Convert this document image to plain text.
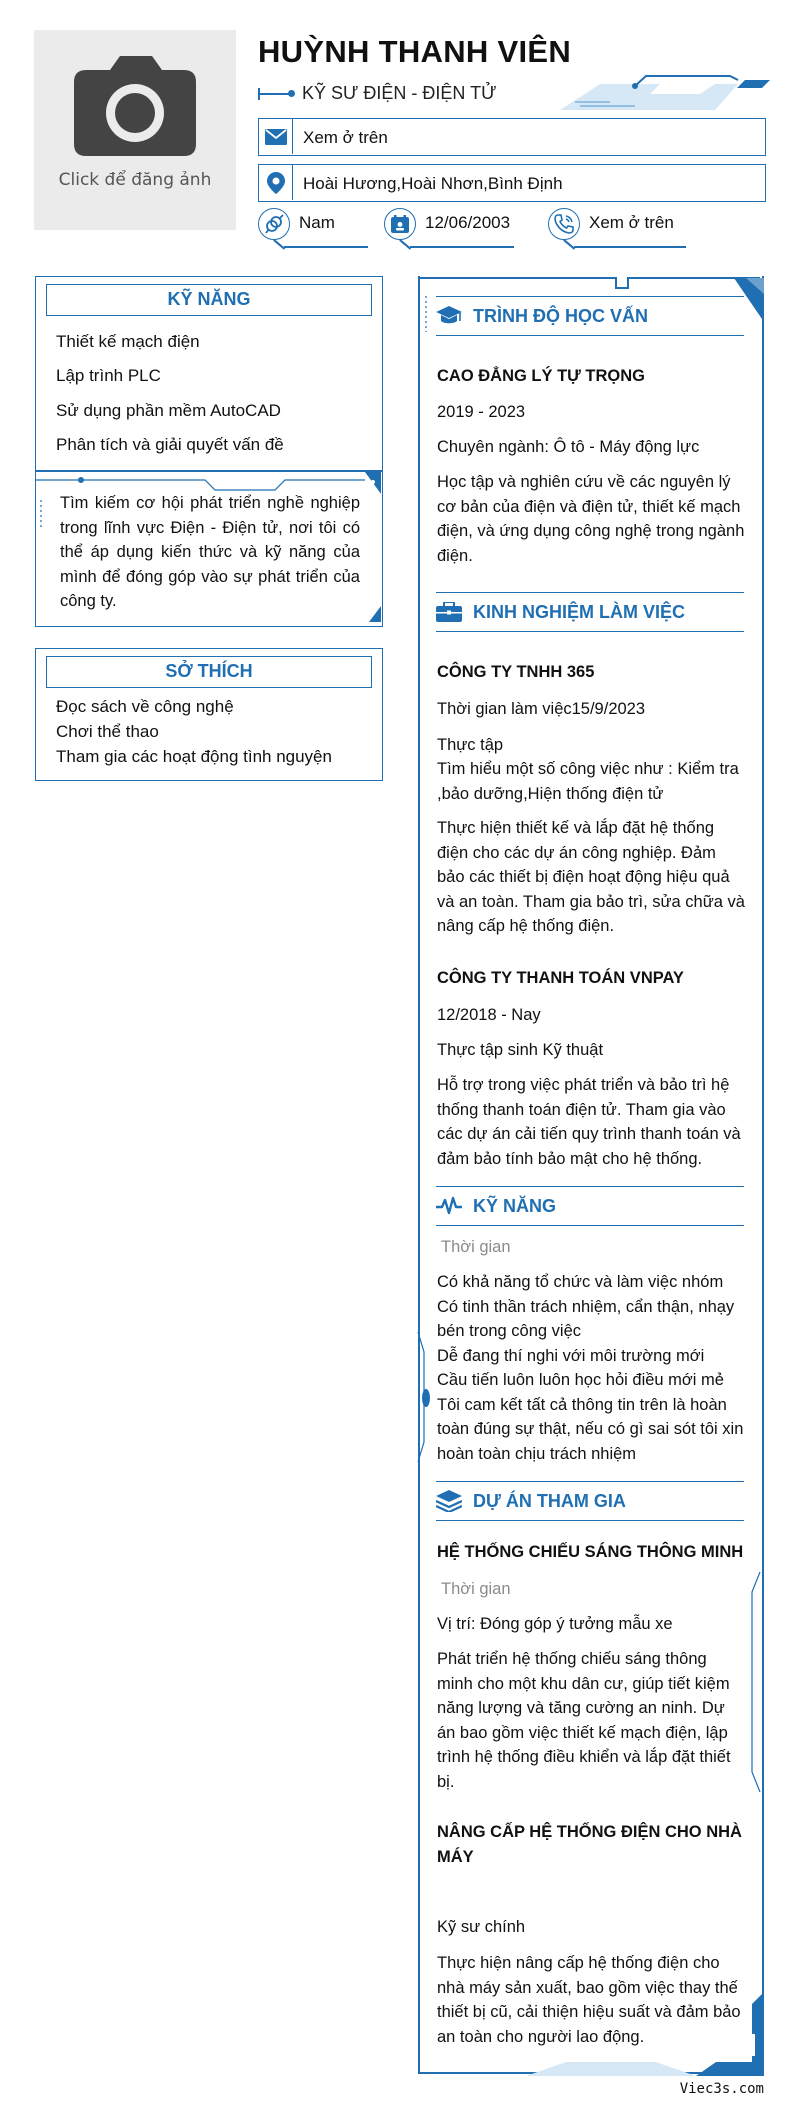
Click để đăng ảnh
HUỲNH THANH VIÊN
KỸ SƯ ĐIỆN - ĐIỆN TỬ
Xem ở trên
Hoài Hương,Hoài Nhơn,Bình Định
Nam	12/06/2003	Xem ở trên
KỸ NĂNG
Thiết kế mạch điện
Lập trình PLC
Sử dụng phần mềm AutoCAD
Phân tích và giải quyết vấn đề
Tìm kiếm cơ hội phát triển nghề nghiệp trong lĩnh vực Điện - Điện tử, nơi tôi có thể áp dụng kiến thức và kỹ năng của mình để đóng góp vào sự phát triển của công ty.
SỞ THÍCH
Đọc sách về công nghệ
Chơi thể thao
Tham gia các hoạt động tình nguyện
TRÌNH ĐỘ HỌC VẤN
CAO ĐẲNG LÝ TỰ TRỌNG
2019 - 2023
Chuyên ngành: Ô tô - Máy động lực
Học tập và nghiên cứu về các nguyên lý cơ bản của điện và điện tử, thiết kế mạch điện, và ứng dụng công nghệ trong ngành điện.
KINH NGHIỆM LÀM VIỆC
CÔNG TY TNHH 365
Thời gian làm việc15/9/2023
Thực tập
Tìm hiểu một số công việc như : Kiểm tra ,bảo dưỡng,Hiện thống điện tử
Thực hiện thiết kế và lắp đặt hệ thống điện cho các dự án công nghiệp. Đảm bảo các thiết bị điện hoạt động hiệu quả và an toàn. Tham gia bảo trì, sửa chữa và nâng cấp hệ thống điện.
CÔNG TY THANH TOÁN VNPAY
12/2018 - Nay
Thực tập sinh Kỹ thuật
Hỗ trợ trong việc phát triển và bảo trì hệ thống thanh toán điện tử. Tham gia vào các dự án cải tiến quy trình thanh toán và đảm bảo tính bảo mật cho hệ thống.
KỸ NĂNG
Thời gian
Có khả năng tổ chức và làm việc nhóm
Có tinh thần trách nhiệm, cẩn thận, nhạy bén trong công việc
Dễ đang thí nghi với môi trường mới
Cầu tiến luôn luôn học hỏi điều mới mẻ
Tôi cam kết tất cả thông tin trên là hoàn toàn đúng sự thật, nếu có gì sai sót tôi xin hoàn toàn chịu trách nhiệm
DỰ ÁN THAM GIA
HỆ THỐNG CHIẾU SÁNG THÔNG MINH
Thời gian
Vị trí: Đóng góp ý tưởng mẫu xe
Phát triển hệ thống chiếu sáng thông minh cho một khu dân cư, giúp tiết kiệm năng lượng và tăng cường an ninh. Dự án bao gồm việc thiết kế mạch điện, lập trình hệ thống điều khiển và lắp đặt thiết bị.
NÂNG CẤP HỆ THỐNG ĐIỆN CHO NHÀ MÁY
Kỹ sư chính
Thực hiện nâng cấp hệ thống điện cho nhà máy sản xuất, bao gồm việc thay thế thiết bị cũ, cải thiện hiệu suất và đảm bảo an toàn cho người lao động.
Viec3s.com
